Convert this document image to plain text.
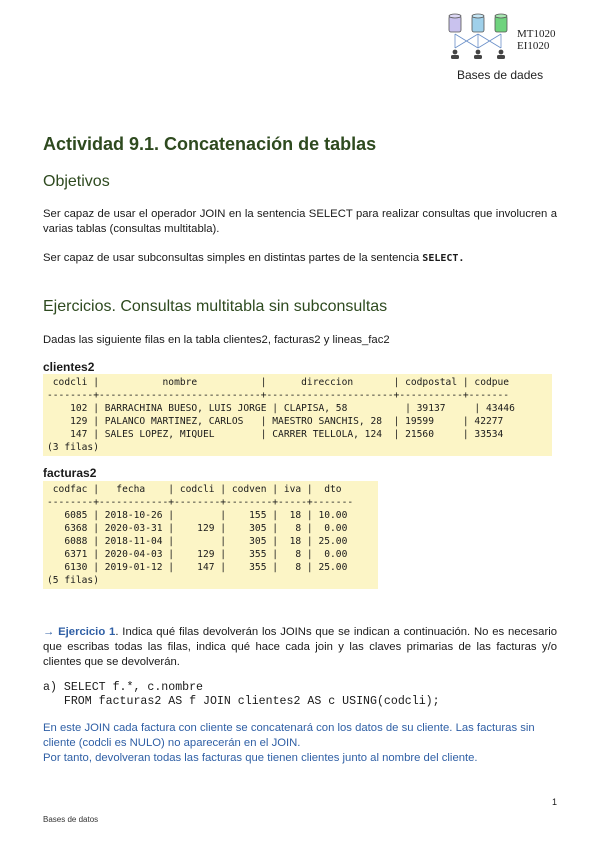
MT1020
EI1020
Bases de dades
Actividad 9.1. Concatenación de tablas
Objetivos

Ser capaz de usar el operador JOIN en la sentencia SELECT para realizar consultas que involucren a varias tablas (consultas multitabla).

Ser capaz de usar subconsultas simples en distintas partes de la sentencia SELECT.

Ejercicios. Consultas multitabla sin subconsultas

Dadas las siguiente filas en la tabla clientes2, facturas2 y lineas_fac2

clientes2
codcli |           nombre           |      direccion       | codpostal | codpue
--------+----------------------------+----------------------+-----------+-------
102 | BARRACHINA BUESO, LUIS JORGE | CLAPISA, 58          | 39137     | 43446
129 | PALANCO MARTINEZ, CARLOS   | MAESTRO SANCHIS, 28  | 19599     | 42277
147 | SALES LOPEZ, MIQUEL        | CARRER TELLOLA, 124  | 21560     | 33534
(3 filas)
facturas2
codfac |   fecha    | codcli | codven | iva |  dto
--------+------------+--------+--------+-----+-------
6085 | 2018-10-26 |        |    155 |  18 | 10.00
6368 | 2020-03-31 |    129 |    305 |   8 |  0.00
6088 | 2018-11-04 |        |    305 |  18 | 25.00
6371 | 2020-04-03 |    129 |    355 |   8 |  0.00
6130 | 2019-01-12 |    147 |    355 |   8 | 25.00
(5 filas)

→ Ejercicio 1. Indica qué filas devolverán los JOINs que se indican a continuación. No es necesario que escribas todas las filas, indica qué hace cada join y las claves primarias de las facturas y/o clientes que se devolverán.

a) SELECT f.*, c.nombre
FROM facturas2 AS f JOIN clientes2 AS c USING(codcli);

En este JOIN cada factura con cliente se concatenará con los datos de su cliente. Las facturas sin cliente (codcli es NULO) no aparecerán en el JOIN.

Por tanto, devolveran todas las facturas que tienen clientes junto al nombre del cliente.

1
Bases de datos
